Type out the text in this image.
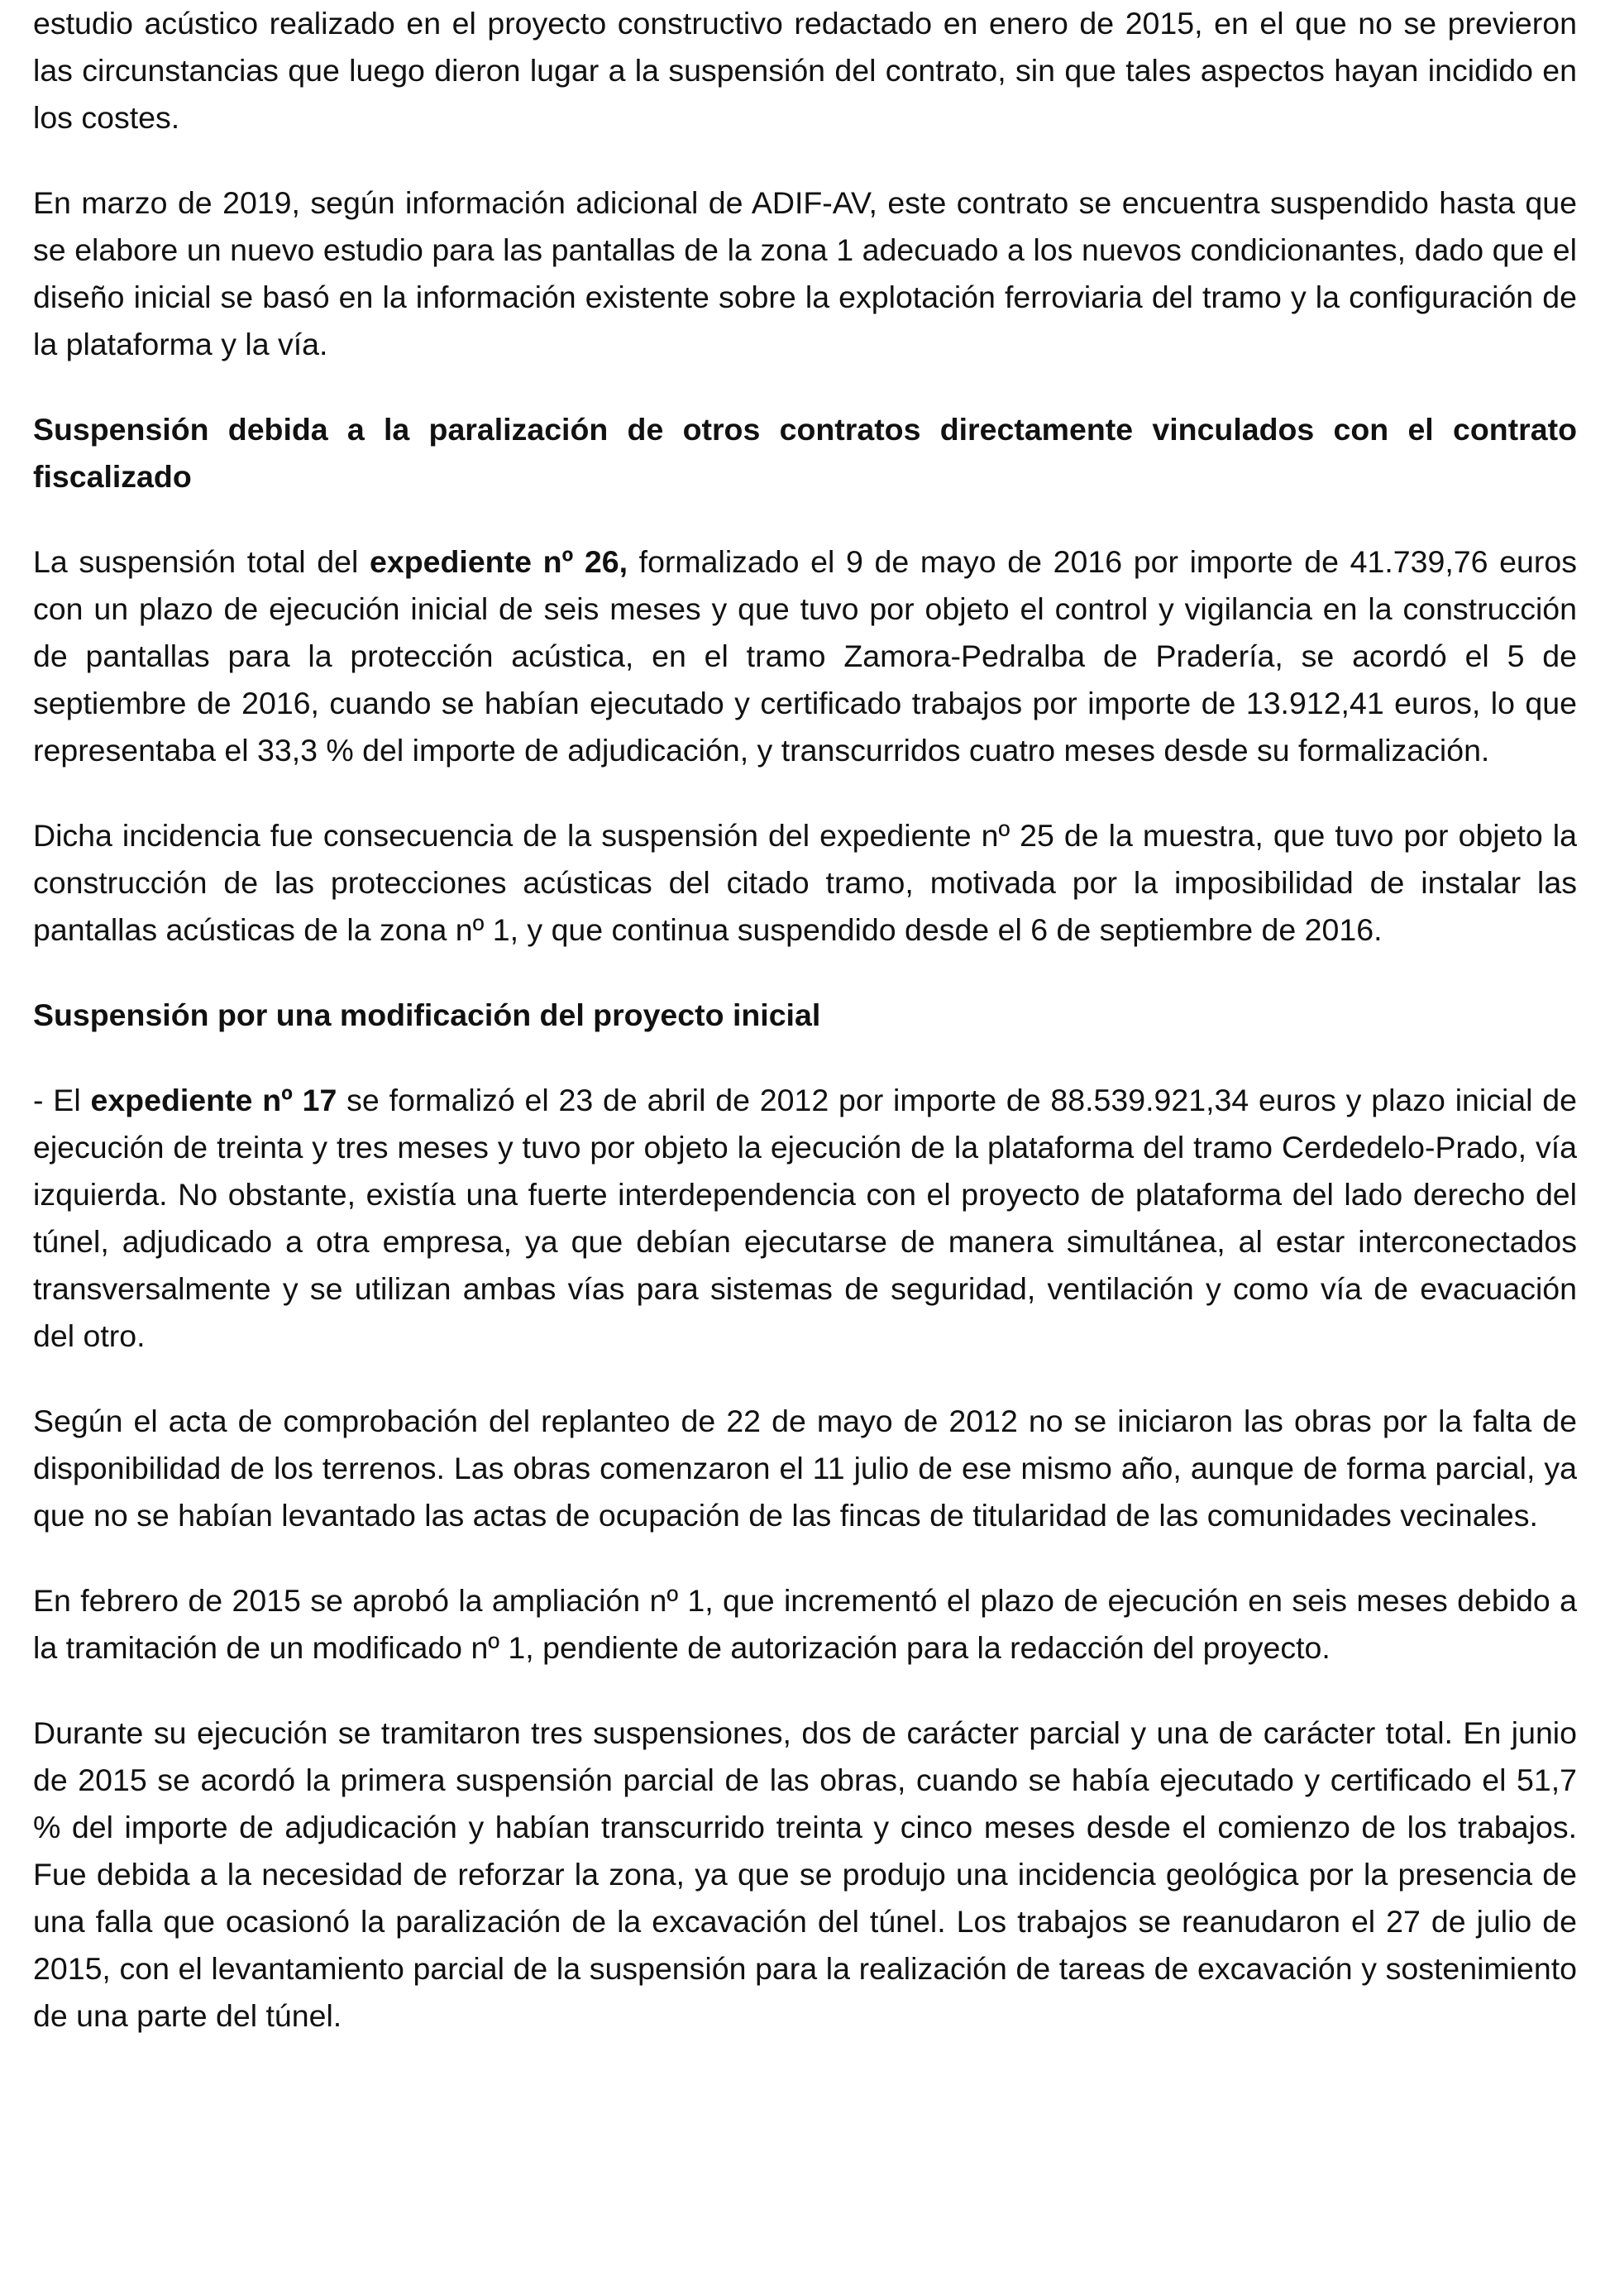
estudio acústico realizado en el proyecto constructivo redactado en enero de 2015, en el que no se previeron las circunstancias que luego dieron lugar a la suspensión del contrato, sin que tales aspectos hayan incidido en los costes.

En marzo de 2019, según información adicional de ADIF-AV, este contrato se encuentra suspendido hasta que se elabore un nuevo estudio para las pantallas de la zona 1 adecuado a los nuevos condicionantes, dado que el diseño inicial se basó en la información existente sobre la explotación ferroviaria del tramo y la configuración de la plataforma y la vía.

Suspensión debida a la paralización de otros contratos directamente vinculados con el contrato fiscalizado

La suspensión total del expediente nº 26, formalizado el 9 de mayo de 2016 por importe de 41.739,76 euros con un plazo de ejecución inicial de seis meses y que tuvo por objeto el control y vigilancia en la construcción de pantallas para la protección acústica, en el tramo Zamora-Pedralba de Pradería, se acordó el 5 de septiembre de 2016, cuando se habían ejecutado y certificado trabajos por importe de 13.912,41 euros, lo que representaba el 33,3 % del importe de adjudicación, y transcurridos cuatro meses desde su formalización.

Dicha incidencia fue consecuencia de la suspensión del expediente nº 25 de la muestra, que tuvo por objeto la construcción de las protecciones acústicas del citado tramo, motivada por la imposibilidad de instalar las pantallas acústicas de la zona nº 1, y que continua suspendido desde el 6 de septiembre de 2016.

Suspensión por una modificación del proyecto inicial

- El expediente nº 17 se formalizó el 23 de abril de 2012 por importe de 88.539.921,34 euros y plazo inicial de ejecución de treinta y tres meses y tuvo por objeto la ejecución de la plataforma del tramo Cerdedelo-Prado, vía izquierda. No obstante, existía una fuerte interdependencia con el proyecto de plataforma del lado derecho del túnel, adjudicado a otra empresa, ya que debían ejecutarse de manera simultánea, al estar interconectados transversalmente y se utilizan ambas vías para sistemas de seguridad, ventilación y como vía de evacuación del otro.

Según el acta de comprobación del replanteo de 22 de mayo de 2012 no se iniciaron las obras por la falta de disponibilidad de los terrenos. Las obras comenzaron el 11 julio de ese mismo año, aunque de forma parcial, ya que no se habían levantado las actas de ocupación de las fincas de titularidad de las comunidades vecinales.

En febrero de 2015 se aprobó la ampliación nº 1, que incrementó el plazo de ejecución en seis meses debido a la tramitación de un modificado nº 1, pendiente de autorización para la redacción del proyecto.

Durante su ejecución se tramitaron tres suspensiones, dos de carácter parcial y una de carácter total. En junio de 2015 se acordó la primera suspensión parcial de las obras, cuando se había ejecutado y certificado el 51,7 % del importe de adjudicación y habían transcurrido treinta y cinco meses desde el comienzo de los trabajos. Fue debida a la necesidad de reforzar la zona, ya que se produjo una incidencia geológica por la presencia de una falla que ocasionó la paralización de la excavación del túnel. Los trabajos se reanudaron el 27 de julio de 2015, con el levantamiento parcial de la suspensión para la realización de tareas de excavación y sostenimiento de una parte del túnel.
